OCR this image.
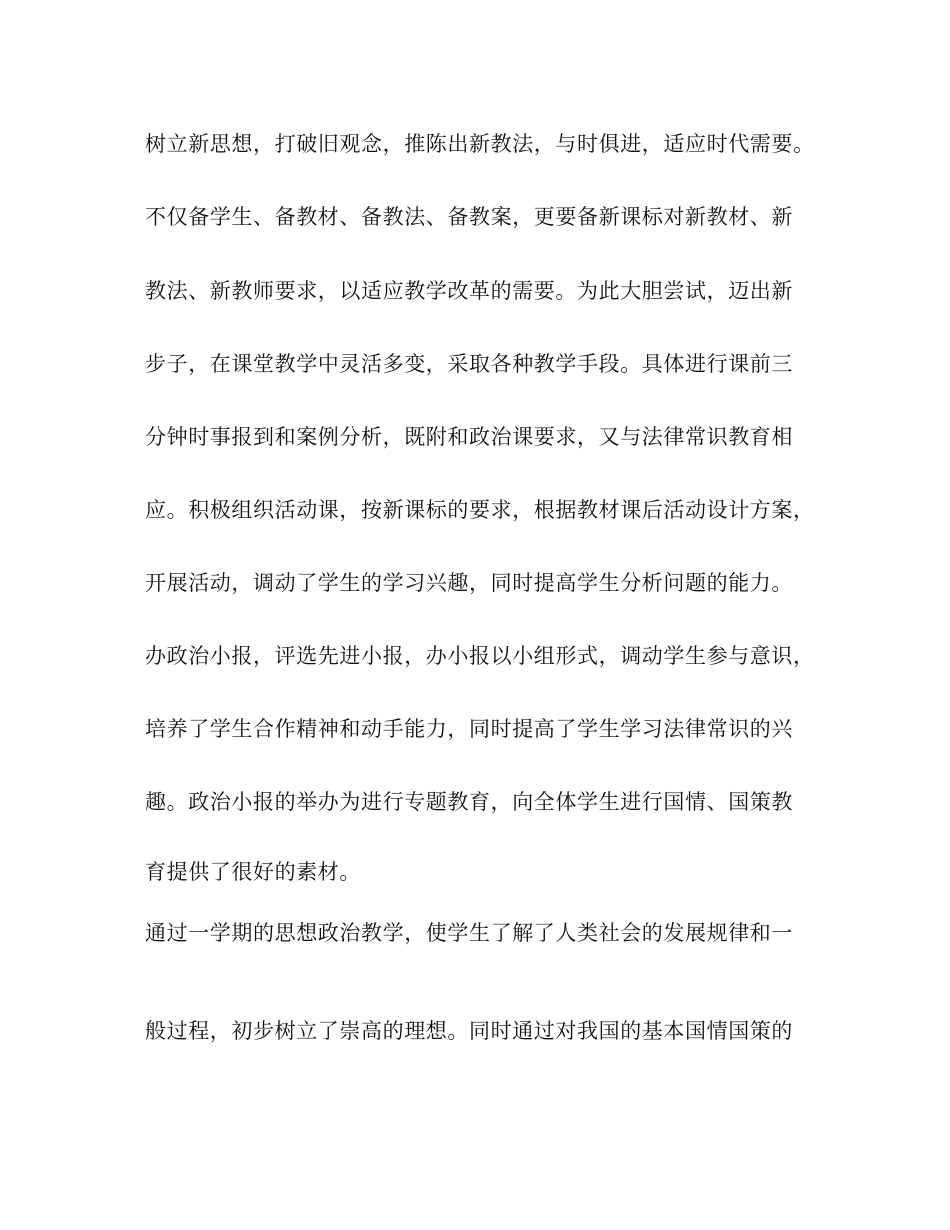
树立新思想，打破旧观念，推陈出新教法，与时俱进，适应时代需要。
不仅备学生、备教材、备教法、备教案，更要备新课标对新教材、新
教法、新教师要求，以适应教学改革的需要。为此大胆尝试，迈出新
步子，在课堂教学中灵活多变，采取各种教学手段。具体进行课前三
分钟时事报到和案例分析，既附和政治课要求，又与法律常识教育相
应。积极组织活动课，按新课标的要求，根据教材课后活动设计方案，
开展活动，调动了学生的学习兴趣，同时提高学生分析问题的能力。
办政治小报，评选先进小报，办小报以小组形式，调动学生参与意识，
培养了学生合作精神和动手能力，同时提高了学生学习法律常识的兴
趣。政治小报的举办为进行专题教育，向全体学生进行国情、国策教
育提供了很好的素材。
通过一学期的思想政治教学，使学生了解了人类社会的发展规律和一
般过程，初步树立了崇高的理想。同时通过对我国的基本国情国策的
